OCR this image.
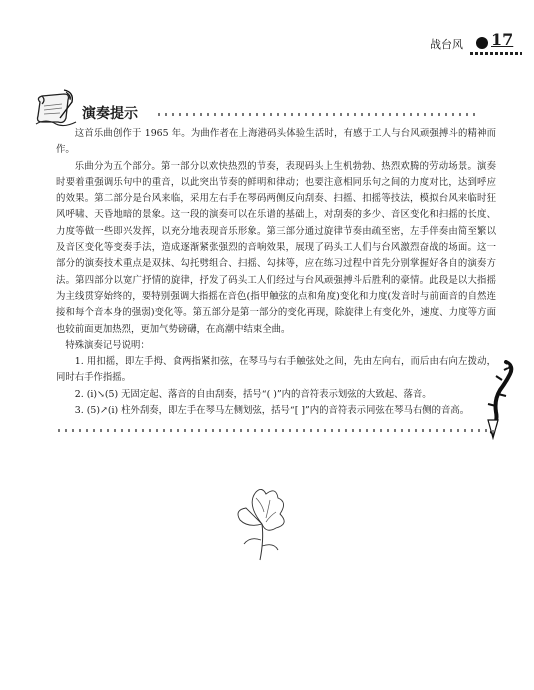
战台风 17
演奏提示

这首乐曲创作于 1965 年。为曲作者在上海港码头体验生活时，有感于工人与台风顽强搏斗的精神而作。

乐曲分为五个部分。第一部分以欢快热烈的节奏，表现码头上生机勃勃、热烈欢腾的劳动场景。演奏时要着重强调乐句中的重音，以此突出节奏的鲜明和律动；也要注意相同乐句之间的力度对比，达到呼应的效果。第二部分是台风来临，采用左右手在琴码两侧反向刮奏、扫摇、扣摇等技法，模拟台风来临时狂风呼啸、天昏地暗的景象。这一段的演奏可以在乐谱的基础上，对刮奏的多少、音区变化和扫摇的长度、力度等做一些即兴发挥，以充分地表现音乐形象。第三部分通过旋律节奏由疏至密，左手伴奏由简至繁以及音区变化等变奏手法，造成逐渐紧张强烈的音响效果，展现了码头工人们与台风激烈奋战的场面。这一部分的演奏技术重点是双抹、勾托劈组合、扫摇、勾抹等，应在练习过程中首先分别掌握好各自的演奏方法。第四部分以宽广抒情的旋律，抒发了码头工人们经过与台风顽强搏斗后胜利的豪情。此段是以大指摇为主线贯穿始终的，要特别强调大指摇在音色(指甲触弦的点和角度)变化和力度(发音时与前面音的自然连接和每个音本身的强弱)变化等。第五部分是第一部分的变化再现，除旋律上有变化外，速度、力度等方面也较前面更加热烈，更加气势磅礴，在高潮中结束全曲。

特殊演奏记号说明：

1. 用扣摇，即左手拇、食两指紧扣弦，在琴马与右手触弦处之间，先由左向右，而后由右向左拨动，同时右手作指摇。

2. (i)↘(5) 无固定起、落音的自由刮奏，括号“( )”内的音符表示划弦的大致起、落音。

3. (5)↗(i) 柱外刮奏，即左手在琴马左侧划弦，括号“[ ]”内的音符表示同弦在琴马右侧的音高。
